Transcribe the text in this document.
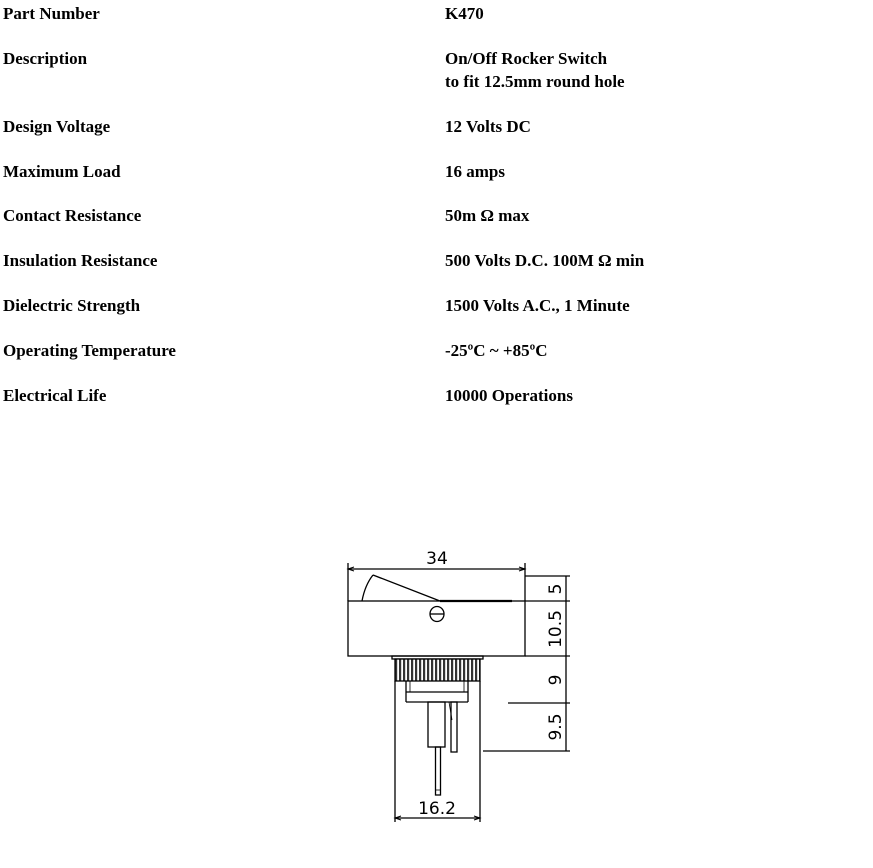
Part Number	K470
Description	On/Off Rocker Switch
to fit 12.5mm round hole
Design Voltage	12 Volts DC
Maximum Load	16 amps
Contact Resistance	50m Ω max
Insulation Resistance	500 Volts D.C. 100M Ω min
Dielectric Strength	1500 Volts A.C., 1 Minute
Operating Temperature	-25ºC ~ +85ºC
Electrical Life	10000 Operations
34
16.2
5
10.5
9
9.5
